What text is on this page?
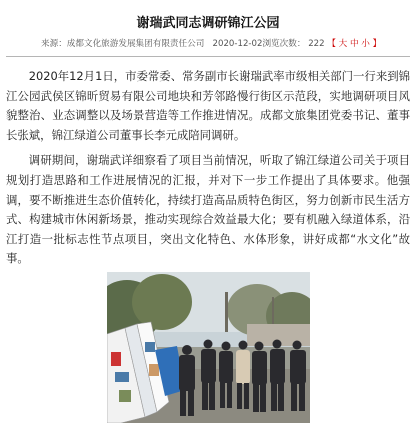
谢瑞武同志调研锦江公园
来源：成都文化旅游发展集团有限责任公司 2020-12-02浏览次数： 222 【 大 中 小 】

2020年12月1日，市委常委、常务副市长谢瑞武率市级相关部门一行来到锦江公园武侯区锦昕贸易有限公司地块和芳邻路慢行街区示范段，实地调研项目风貌整治、业态调整以及场景营造等工作推进情况。成都文旅集团党委书记、董事长张斌，锦江绿道公司董事长李元成陪同调研。

调研期间，谢瑞武详细察看了项目当前情况，听取了锦江绿道公司关于项目规划打造思路和工作进展情况的汇报，并对下一步工作提出了具体要求。他强调，要不断推进生态价值转化，持续打造高品质特色街区，努力创新市民生活方式、构建城市休闲新场景，推动实现综合效益最大化；要有机融入绿道体系，沿江打造一批标志性节点项目，突出文化特色、水体形象，讲好成都“水文化”故事。
